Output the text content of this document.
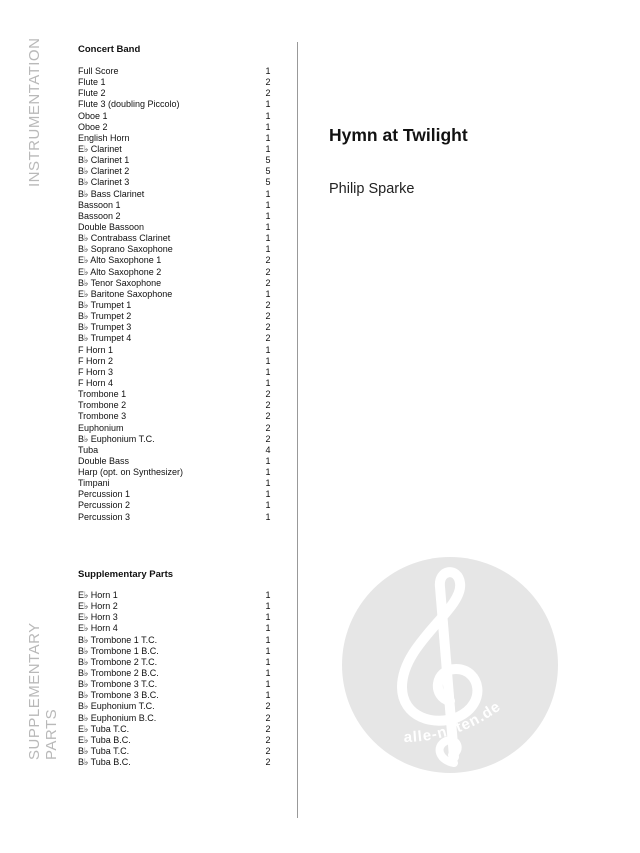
INSTRUMENTATION
SUPPLEMENTARY PARTS
Concert Band
Full Score	1
Flute 1	2
Flute 2	2
Flute 3 (doubling Piccolo)	1
Oboe 1	1
Oboe 2	1
English Horn	1
E♭ Clarinet	1
B♭ Clarinet 1	5
B♭ Clarinet 2	5
B♭ Clarinet 3	5
B♭ Bass Clarinet	1
Bassoon 1	1
Bassoon 2	1
Double Bassoon	1
B♭ Contrabass Clarinet	1
B♭ Soprano Saxophone	1
E♭ Alto Saxophone 1	2
E♭ Alto Saxophone 2	2
B♭ Tenor Saxophone	2
E♭ Baritone Saxophone	1
B♭ Trumpet 1	2
B♭ Trumpet 2	2
B♭ Trumpet 3	2
B♭ Trumpet 4	2
F Horn 1	1
F Horn 2	1
F Horn 3	1
F Horn 4	1
Trombone 1	2
Trombone 2	2
Trombone 3	2
Euphonium	2
B♭ Euphonium T.C.	2
Tuba	4
Double Bass	1
Harp (opt. on Synthesizer)	1
Timpani	1
Percussion 1	1
Percussion 2	1
Percussion 3	1
Supplementary Parts
E♭ Horn 1	1
E♭ Horn 2	1
E♭ Horn 3	1
E♭ Horn 4	1
B♭ Trombone 1 T.C.	1
B♭ Trombone 1 B.C.	1
B♭ Trombone 2 T.C.	1
B♭ Trombone 2 B.C.	1
B♭ Trombone 3 T.C.	1
B♭ Trombone 3 B.C.	1
B♭ Euphonium T.C.	2
B♭ Euphonium B.C.	2
E♭ Tuba T.C.	2
E♭ Tuba B.C.	2
B♭ Tuba T.C.	2
B♭ Tuba B.C.	2
Hymn at Twilight
Philip Sparke
alle-noten.de
